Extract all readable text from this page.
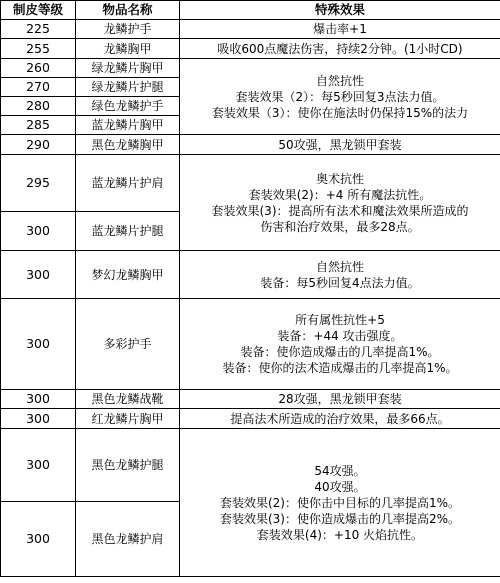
制皮等级	物品名称	特殊效果
225	龙鳞护手	爆击率+1
255	龙鳞胸甲	吸收600点魔法伤害，持续2分钟。(1小时CD)
260	绿龙鳞片胸甲	自然抗性
套装效果（2）：每5秒回复3点法力值。
套装效果（3）：使你在施法时仍保持15%的法力

270	绿龙鳞片护腿	
280	绿色龙鳞护手	
285	蓝龙鳞片胸甲	
290	黑色龙鳞胸甲	50攻强，黑龙锁甲套装
295	蓝龙鳞片护肩	奥术抗性
套装效果(2)：+4 所有魔法抗性。
套装效果(3)：提高所有法术和魔法效果所造成的
伤害和治疗效果，最多28点。

300	蓝龙鳞片护腿	
300	梦幻龙鳞胸甲	自然抗性
装备：每5秒回复4点法力值。

300	多彩护手	所有属性抗性+5
装备：+44 攻击强度。
装备：使你造成爆击的几率提高1%。
装备：使你的法术造成爆击的几率提高1%。

300	黑色龙鳞战靴	28攻强，黑龙锁甲套装
300	红龙鳞片胸甲	提高法术所造成的治疗效果，最多66点。
300	黑色龙鳞护腿	54攻强。
40攻强。
套装效果(2)：使你击中目标的几率提高1%。
套装效果(3)：使你造成爆击的几率提高2%。
套装效果(4)：+10 火焰抗性。

300	黑色龙鳞护肩	
